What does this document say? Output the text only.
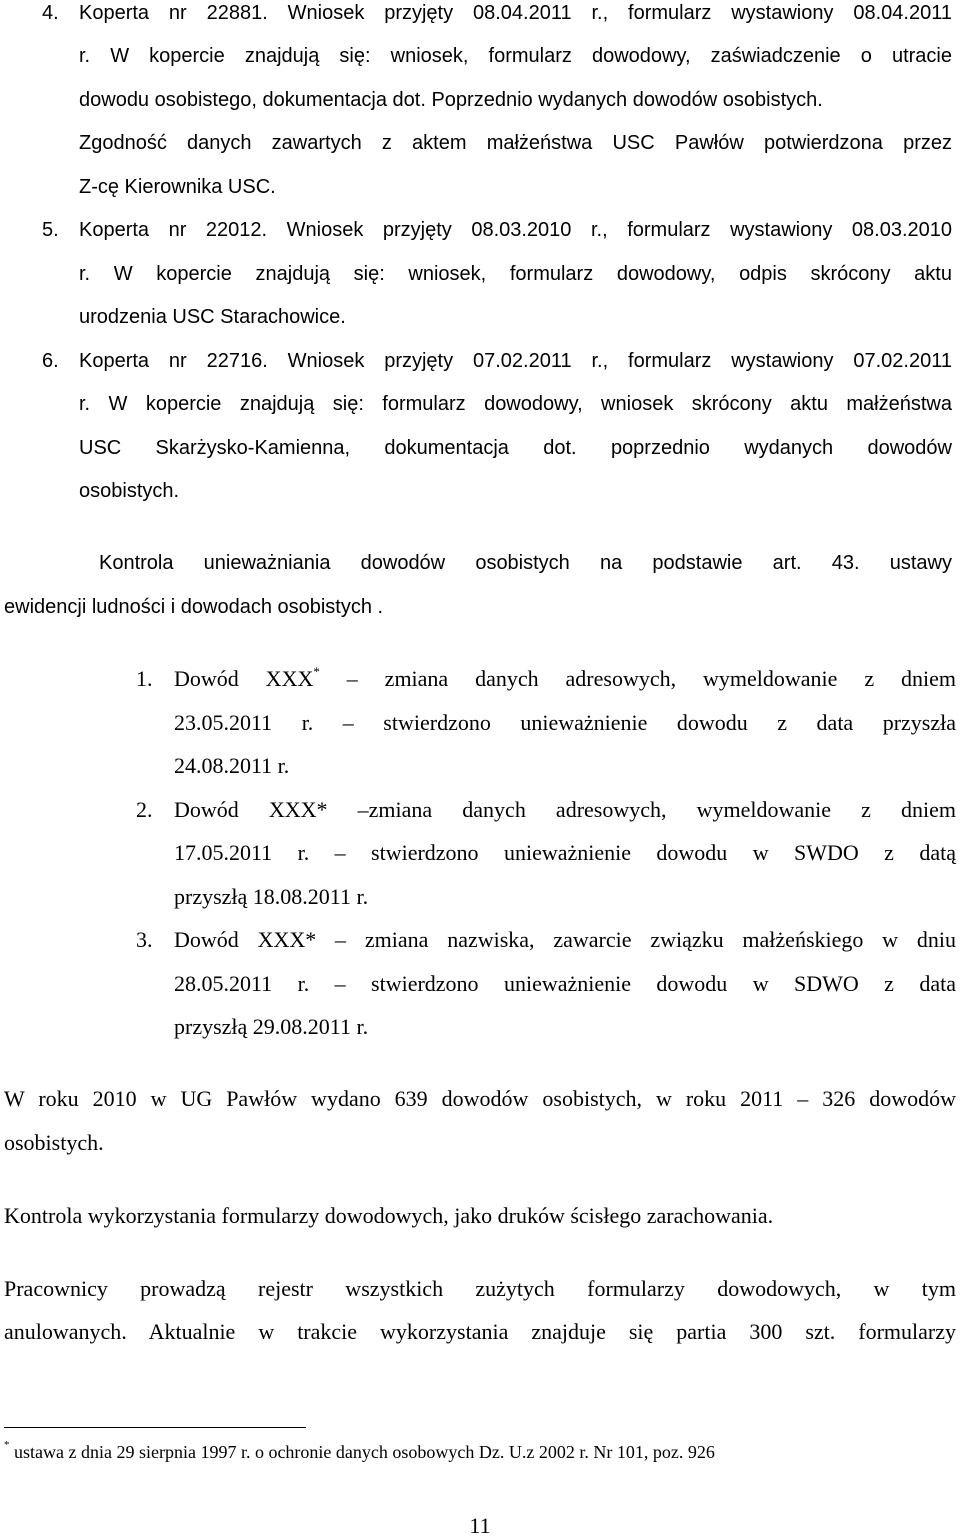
4. Koperta nr 22881. Wniosek przyjęty 08.04.2011 r., formularz wystawiony 08.04.2011
r. W kopercie znajdują się: wniosek, formularz dowodowy, zaświadczenie o utracie
dowodu osobistego, dokumentacja dot. Poprzednio wydanych dowodów osobistych.
Zgodność danych zawartych z aktem małżeństwa USC Pawłów potwierdzona przez
Z-cę Kierownika USC.
5. Koperta nr 22012. Wniosek przyjęty 08.03.2010 r., formularz wystawiony 08.03.2010
r. W kopercie znajdują się: wniosek, formularz dowodowy, odpis skrócony aktu
urodzenia USC Starachowice.
6. Koperta nr 22716. Wniosek przyjęty 07.02.2011 r., formularz wystawiony 07.02.2011
r. W kopercie znajdują się: formularz dowodowy, wniosek skrócony aktu małżeństwa
USC Skarżysko-Kamienna, dokumentacja dot. poprzednio wydanych dowodów
osobistych.
Kontrola unieważniania dowodów osobistych na podstawie art. 43. ustawy
ewidencji ludności i dowodach osobistych .
1. Dowód XXX* – zmiana danych adresowych, wymeldowanie z dniem
23.05.2011 r. – stwierdzono unieważnienie dowodu z data przyszła
24.08.2011 r.
2. Dowód XXX* –zmiana danych adresowych, wymeldowanie z dniem
17.05.2011 r. – stwierdzono unieważnienie dowodu w SWDO z datą
przyszłą 18.08.2011 r.
3. Dowód XXX* – zmiana nazwiska, zawarcie związku małżeńskiego w dniu
28.05.2011 r. – stwierdzono unieważnienie dowodu w SDWO z data
przyszłą 29.08.2011 r.
W roku 2010 w UG Pawłów wydano 639 dowodów osobistych, w roku 2011 – 326 dowodów
osobistych.
Kontrola wykorzystania formularzy dowodowych, jako druków ścisłego zarachowania.
Pracownicy prowadzą rejestr wszystkich zużytych formularzy dowodowych, w tym
anulowanych. Aktualnie w trakcie wykorzystania znajduje się partia 300 szt. formularzy
* ustawa z dnia 29 sierpnia 1997 r. o ochronie danych osobowych Dz. U.z 2002 r. Nr 101, poz. 926
11
